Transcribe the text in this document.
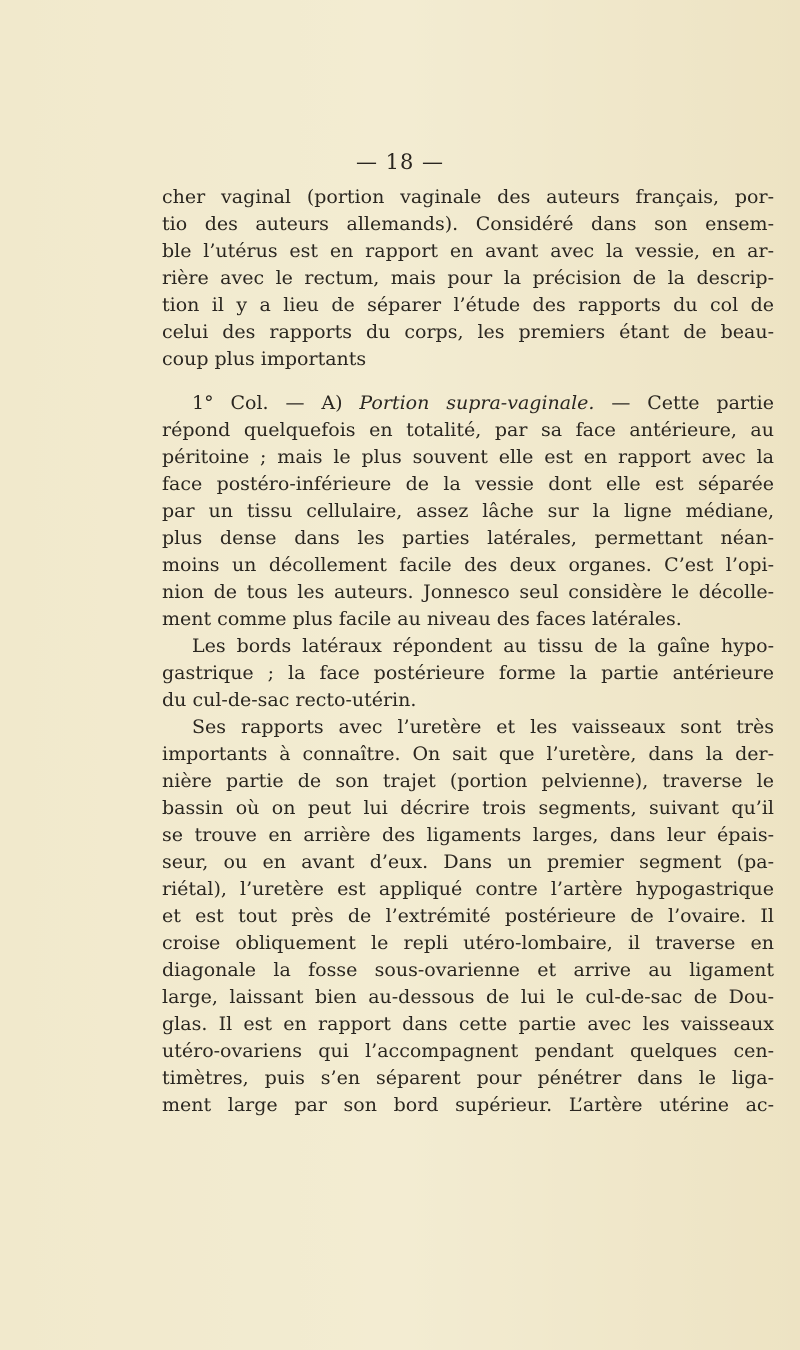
— 18 —

cher vaginal (portion vaginale des auteurs français, por-
tio des auteurs allemands). Considéré dans son ensem-
ble l’utérus est en rapport en avant avec la vessie, en ar-
rière avec le rectum, mais pour la précision de la descrip-
tion il y a lieu de séparer l’étude des rapports du col de
celui des rapports du corps, les premiers étant de beau-
coup plus importants

1° Col. — A) Portion supra-vaginale. — Cette partie
répond quelquefois en totalité, par sa face antérieure, au
péritoine ; mais le plus souvent elle est en rapport avec la
face postéro-inférieure de la vessie dont elle est séparée
par un tissu cellulaire, assez lâche sur la ligne médiane,
plus dense dans les parties latérales, permettant néan-
moins un décollement facile des deux organes. C’est l’opi-
nion de tous les auteurs. Jonnesco seul considère le décolle-
ment comme plus facile au niveau des faces latérales.

Les bords latéraux répondent au tissu de la gaîne hypo-
gastrique ; la face postérieure forme la partie antérieure
du cul-de-sac recto-utérin.

Ses rapports avec l’uretère et les vaisseaux sont très
importants à connaître. On sait que l’uretère, dans la der-
nière partie de son trajet (portion pelvienne), traverse le
bassin où on peut lui décrire trois segments, suivant qu’il
se trouve en arrière des ligaments larges, dans leur épais-
seur, ou en avant d’eux. Dans un premier segment (pa-
riétal), l’uretère est appliqué contre l’artère hypogastrique
et est tout près de l’extrémité postérieure de l’ovaire. Il
croise obliquement le repli utéro-lombaire, il traverse en
diagonale la fosse sous-ovarienne et arrive au ligament
large, laissant bien au-dessous de lui le cul-de-sac de Dou-
glas. Il est en rapport dans cette partie avec les vaisseaux
utéro-ovariens qui l’accompagnent pendant quelques cen-
timètres, puis s’en séparent pour pénétrer dans le liga-
ment large par son bord supérieur. L’artère utérine ac-
